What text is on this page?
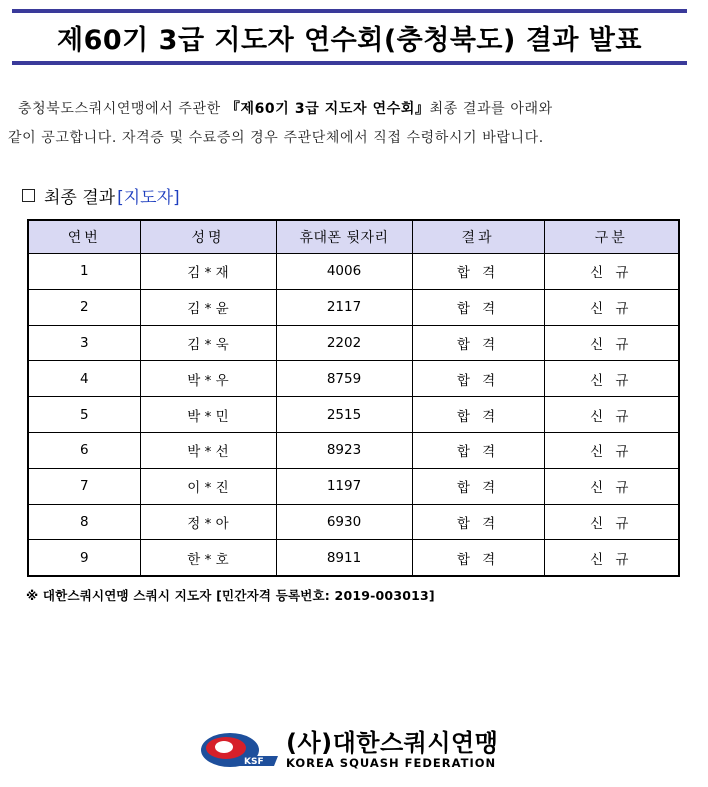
제60기 3급 지도자 연수회(충청북도) 결과 발표
충청북도스쿼시연맹에서 주관한 『제60기 3급 지도자 연수회』최종 결과를 아래와
같이 공고합니다. 자격증 및 수료증의 경우 주관단체에서 직접 수령하시기 바랍니다.
최종 결과 [지도자]
연번	성명	휴대폰 뒷자리	결과	구분
1	김 * 재	4006	합 격	신 규
2	김 * 윤	2117	합 격	신 규
3	김 * 욱	2202	합 격	신 규
4	박 * 우	8759	합 격	신 규
5	박 * 민	2515	합 격	신 규
6	박 * 선	8923	합 격	신 규
7	이 * 진	1197	합 격	신 규
8	정 * 아	6930	합 격	신 규
9	한 * 호	8911	합 격	신 규
※ 대한스쿼시연맹 스쿼시 지도자 [민간자격 등록번호: 2019-003013]
KSF
(사)대한스쿼시연맹
KOREA SQUASH FEDERATION
